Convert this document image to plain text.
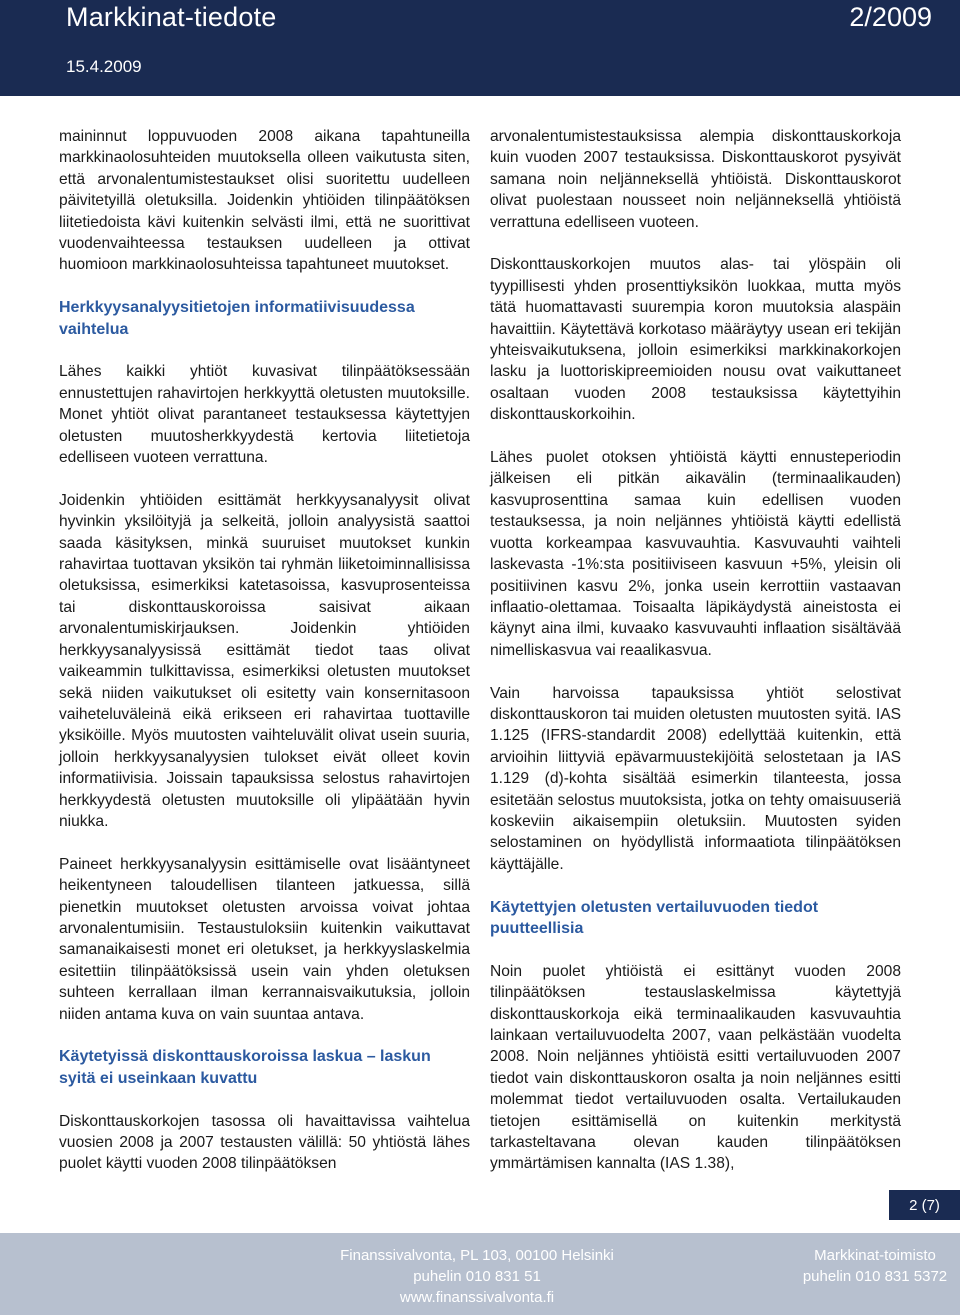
Markkinat-tiedote	2/2009
15.4.2009

maininnut loppuvuoden 2008 aikana tapahtuneilla markkinaolosuhteiden muutoksella olleen vaikutusta siten, että arvonalentumistestaukset olisi suoritettu uudelleen päivitetyillä oletuksilla. Joidenkin yhtiöiden tilinpäätöksen liitetiedoista kävi kuitenkin selvästi ilmi, että ne suorittivat vuodenvaihteessa testauksen uudelleen ja ottivat huomioon markkinaolosuhteissa tapahtuneet muutokset.

Herkkyysanalyysitietojen informatiivisuudessa vaihtelua

Lähes kaikki yhtiöt kuvasivat tilinpäätöksessään ennustettujen rahavirtojen herkkyyttä oletusten muutoksille. Monet yhtiöt olivat parantaneet testauksessa käytettyjen oletusten muutosherkkyydestä kertovia liitetietoja edelliseen vuoteen verrattuna.

Joidenkin yhtiöiden esittämät herkkyysanalyysit olivat hyvinkin yksilöityjä ja selkeitä, jolloin analyysistä saattoi saada käsityksen, minkä suuruiset muutokset kunkin rahavirtaa tuottavan yksikön tai ryhmän liiketoiminnallisissa oletuksissa, esimerkiksi katetasoissa, kasvuprosenteissa tai diskonttauskoroissa saisivat aikaan arvonalentumiskirjauksen. Joidenkin yhtiöiden herkkyysanalyysissä esittämät tiedot taas olivat vaikeammin tulkittavissa, esimerkiksi oletusten muutokset sekä niiden vaikutukset oli esitetty vain konsernitasoon vaiheteluväleinä eikä erikseen eri rahavirtaa tuottaville yksiköille. Myös muutosten vaihteluvälit olivat usein suuria, jolloin herkkyysanalyysien tulokset eivät olleet kovin informatiivisia. Joissain tapauksissa selostus rahavirtojen herkkyydestä oletusten muutoksille oli ylipäätään hyvin niukka.

Paineet herkkyysanalyysin esittämiselle ovat lisääntyneet heikentyneen taloudellisen tilanteen jatkuessa, sillä pienetkin muutokset oletusten arvoissa voivat johtaa arvonalentumisiin. Testaustuloksiin kuitenkin vaikuttavat samanaikaisesti monet eri oletukset, ja herkkyyslaskelmia esitettiin tilinpäätöksissä usein vain yhden oletuksen suhteen kerrallaan ilman kerrannaisvaikutuksia, jolloin niiden antama kuva on vain suuntaa antava.

Käytetyissä diskonttauskoroissa laskua – laskun syitä ei useinkaan kuvattu

Diskonttauskorkojen tasossa oli havaittavissa vaihtelua vuosien 2008 ja 2007 testausten välillä: 50 yhtiöstä lähes puolet käytti vuoden 2008 tilinpäätöksen

arvonalentumistestauksissa alempia diskonttauskorkoja kuin vuoden 2007 testauksissa. Diskonttauskorot pysyivät samana noin neljänneksellä yhtiöistä. Diskonttauskorot olivat puolestaan nousseet noin neljänneksellä yhtiöistä verrattuna edelliseen vuoteen.

Diskonttauskorkojen muutos alas- tai ylöspäin oli tyypillisesti yhden prosenttiyksikön luokkaa, mutta myös tätä huomattavasti suurempia koron muutoksia alaspäin havaittiin. Käytettävä korkotaso määräytyy usean eri tekijän yhteisvaikutuksena, jolloin esimerkiksi markkinakorkojen lasku ja luottoriskipreemioiden nousu ovat vaikuttaneet osaltaan vuoden 2008 testauksissa käytettyihin diskonttauskorkoihin.

Lähes puolet otoksen yhtiöistä käytti ennusteperiodin jälkeisen eli pitkän aikavälin (terminaalikauden) kasvuprosenttina samaa kuin edellisen vuoden testauksessa, ja noin neljännes yhtiöistä käytti edellistä vuotta korkeampaa kasvuvauhtia. Kasvuvauhti vaihteli laskevasta -1%:sta positiiviseen kasvuun +5%, yleisin oli positiivinen kasvu 2%, jonka usein kerrottiin vastaavan inflaatio-olettamaa. Toisaalta läpikäydystä aineistosta ei käynyt aina ilmi, kuvaako kasvuvauhti inflaation sisältävää nimelliskasvua vai reaalikasvua.

Vain harvoissa tapauksissa yhtiöt selostivat diskonttauskoron tai muiden oletusten muutosten syitä. IAS 1.125 (IFRS-standardit 2008) edellyttää kuitenkin, että arvioihin liittyviä epävarmuustekijöitä selostetaan ja IAS 1.129 (d)-kohta sisältää esimerkin tilanteesta, jossa esitetään selostus muutoksista, jotka on tehty omaisuuseriä koskeviin aikaisempiin oletuksiin. Muutosten syiden selostaminen on hyödyllistä informaatiota tilinpäätöksen käyttäjälle.

Käytettyjen oletusten vertailuvuoden tiedot puutteellisia

Noin puolet yhtiöistä ei esittänyt vuoden 2008 tilinpäätöksen testauslaskelmissa käytettyjä diskonttauskorkoja eikä terminaalikauden kasvuvauhtia lainkaan vertailuvuodelta 2007, vaan pelkästään vuodelta 2008. Noin neljännes yhtiöistä esitti vertailuvuoden 2007 tiedot vain diskonttauskoron osalta ja noin neljännes esitti molemmat tiedot vertailuvuoden osalta. Vertailukauden tietojen esittämisellä on kuitenkin merkitystä tarkasteltavana olevan kauden tilinpäätöksen ymmärtämisen kannalta (IAS 1.38),

2 (7)
Finanssivalvonta, PL 103, 00100 Helsinki
puhelin 010 831 51
www.finanssivalvonta.fi
Markkinat-toimisto
puhelin 010 831 5372
